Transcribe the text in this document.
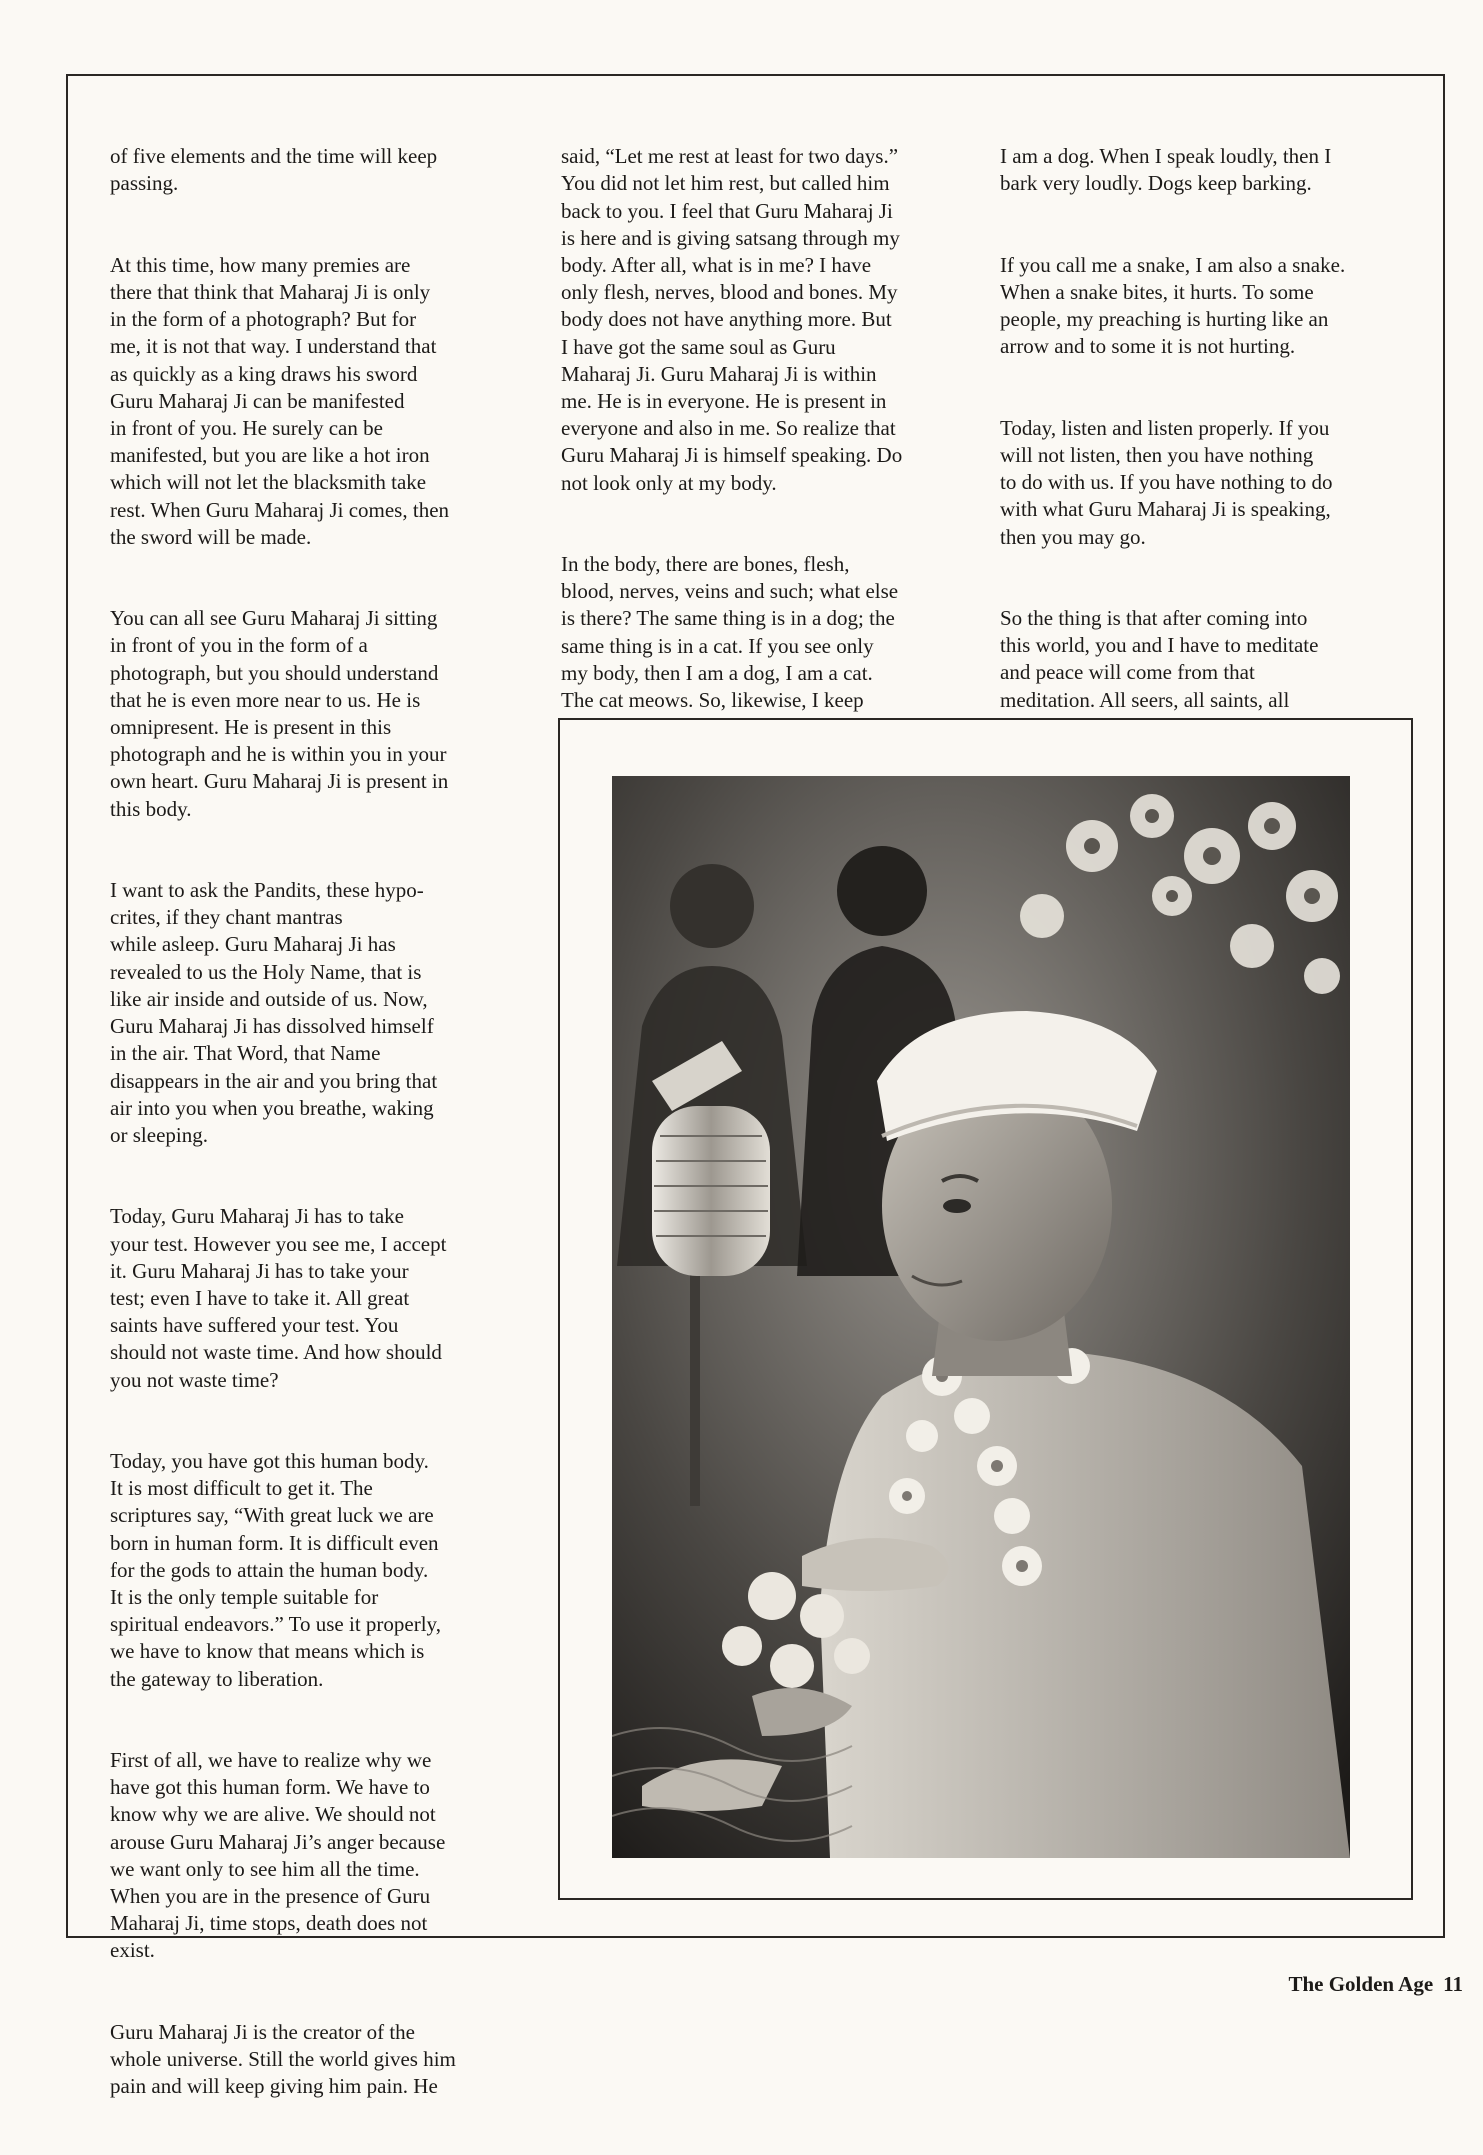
of five elements and the time will keep
passing.

At this time, how many premies are
there that think that Maharaj Ji is only
in the form of a photograph? But for
me, it is not that way. I understand that
as quickly as a king draws his sword
Guru Maharaj Ji can be manifested
in front of you. He surely can be
manifested, but you are like a hot iron
which will not let the blacksmith take
rest. When Guru Maharaj Ji comes, then
the sword will be made.

You can all see Guru Maharaj Ji sitting
in front of you in the form of a
photograph, but you should understand
that he is even more near to us. He is
omnipresent. He is present in this
photograph and he is within you in your
own heart. Guru Maharaj Ji is present in
this body.

I want to ask the Pandits, these hypo-
crites, if they chant mantras
while asleep. Guru Maharaj Ji has
revealed to us the Holy Name, that is
like air inside and outside of us. Now,
Guru Maharaj Ji has dissolved himself
in the air. That Word, that Name
disappears in the air and you bring that
air into you when you breathe, waking
or sleeping.

Today, Guru Maharaj Ji has to take
your test. However you see me, I accept
it. Guru Maharaj Ji has to take your
test; even I have to take it. All great
saints have suffered your test. You
should not waste time. And how should
you not waste time?

Today, you have got this human body.
It is most difficult to get it. The
scriptures say, “With great luck we are
born in human form. It is difficult even
for the gods to attain the human body.
It is the only temple suitable for
spiritual endeavors.” To use it properly,
we have to know that means which is
the gateway to liberation.

First of all, we have to realize why we
have got this human form. We have to
know why we are alive. We should not
arouse Guru Maharaj Ji’s anger because
we want only to see him all the time.
When you are in the presence of Guru
Maharaj Ji, time stops, death does not
exist.

Guru Maharaj Ji is the creator of the
whole universe. Still the world gives him
pain and will keep giving him pain. He

said, “Let me rest at least for two days.”
You did not let him rest, but called him
back to you. I feel that Guru Maharaj Ji
is here and is giving satsang through my
body. After all, what is in me? I have
only flesh, nerves, blood and bones. My
body does not have anything more. But
I have got the same soul as Guru
Maharaj Ji. Guru Maharaj Ji is within
me. He is in everyone. He is present in
everyone and also in me. So realize that
Guru Maharaj Ji is himself speaking. Do
not look only at my body.

In the body, there are bones, flesh,
blood, nerves, veins and such; what else
is there? The same thing is in a dog; the
same thing is in a cat. If you see only
my body, then I am a dog, I am a cat.
The cat meows. So, likewise, I keep

I am a dog. When I speak loudly, then I
bark very loudly. Dogs keep barking.

If you call me a snake, I am also a snake.
When a snake bites, it hurts. To some
people, my preaching is hurting like an
arrow and to some it is not hurting.

Today, listen and listen properly. If you
will not listen, then you have nothing
to do with us. If you have nothing to do
with what Guru Maharaj Ji is speaking,
then you may go.

So the thing is that after coming into
this world, you and I have to meditate
and peace will come from that
meditation. All seers, all saints, all

The Golden Age 11
